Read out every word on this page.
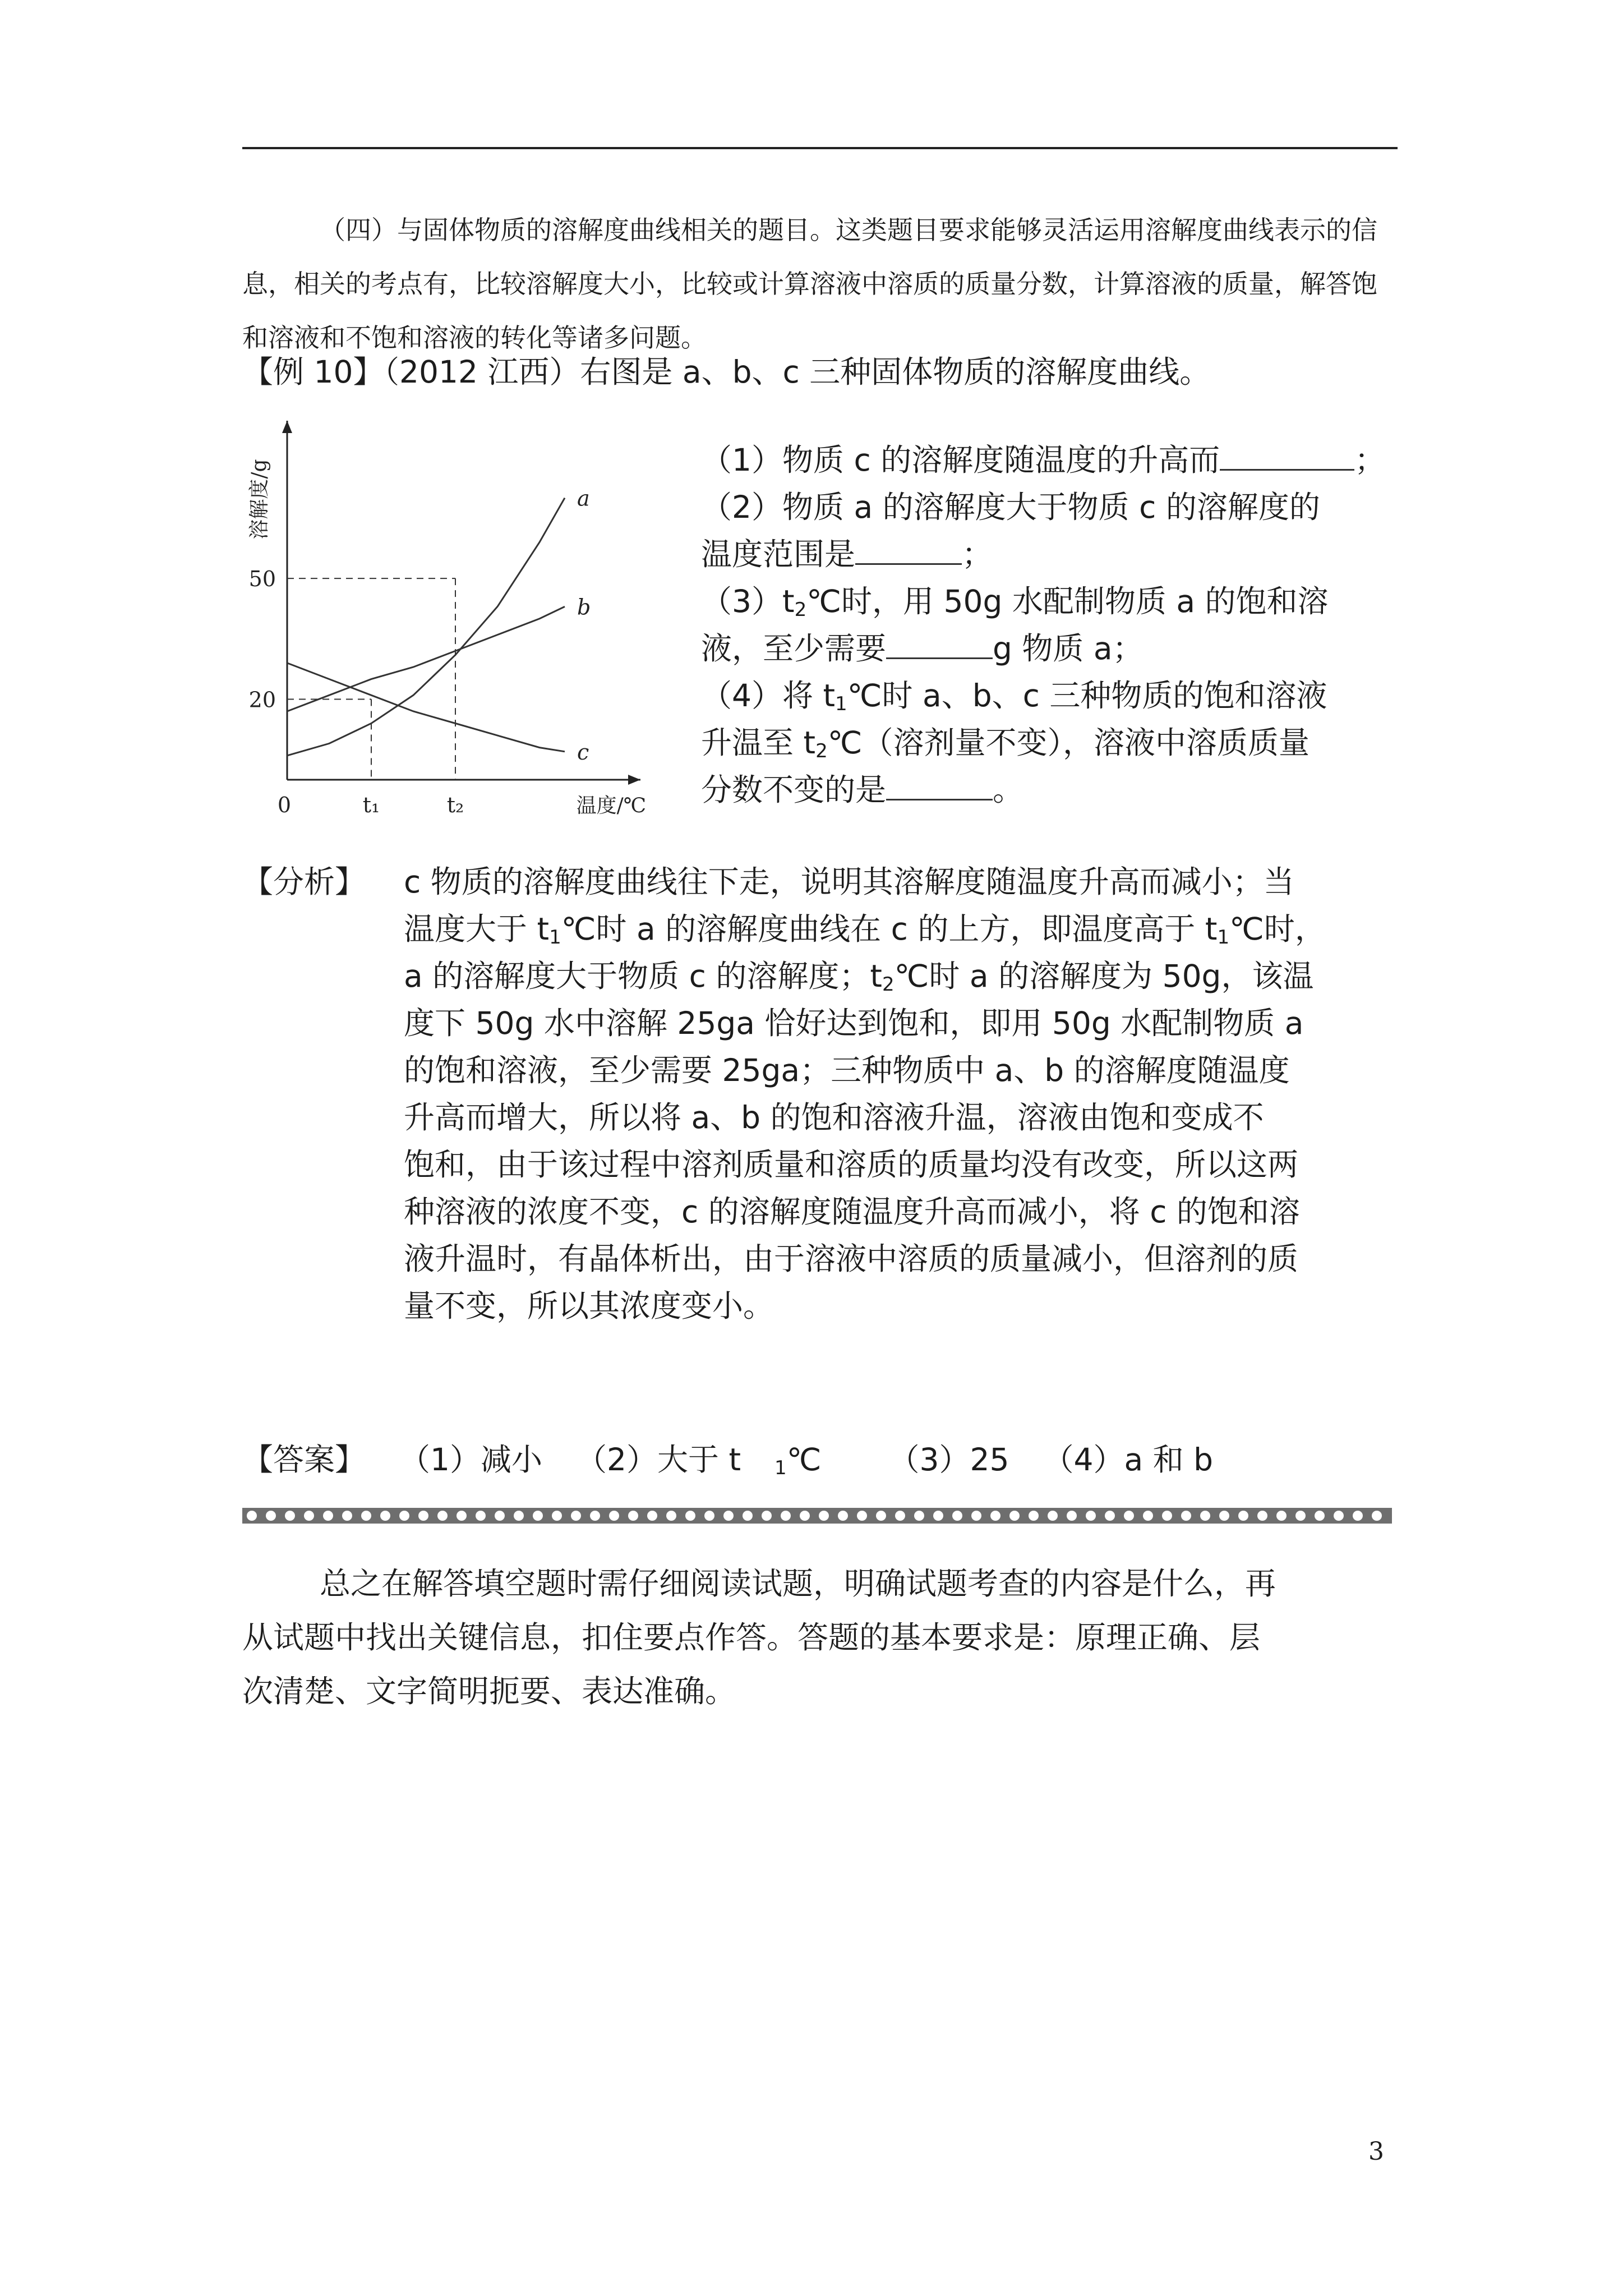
（四）与固体物质的溶解度曲线相关的题目。这类题目要求能够灵活运用溶解度曲线表示的信息，相关的考点有，比较溶解度大小，比较或计算溶液中溶质的质量分数，计算溶液的质量，解答饱和溶液和不饱和溶液的转化等诸多问题。

【例 10】（2012 江西）右图是 a、b、c 三种固体物质的溶解度曲线。
a
b
c
50
20
0	t₁	t₂	温度/℃
溶解度/g	（1）物质 c 的溶解度随温度的升高而	；

（2）物质 a 的溶解度大于物质 c 的溶解度的

温度范围是	；

$(3)t_2℃$时，用 50g 水配制物质 a 的饱和溶

液，至少需要	g 物质 a；

（4）将 $t_1℃$时 a、b、c 三种物质的饱和溶液

升温至 $t_2℃$（溶剂量不变），溶液中溶质质量

分数不变的是	。

【分析】 c 物质的溶解度曲线往下走，说明其溶解度随温度升高而减小；当
温度大于 $t_1℃$时 a 的溶解度曲线在 c 的上方，即温度高于 $t_1℃$时，
a 的溶解度大于物质 c 的溶解度；$t_2℃$时 a 的溶解度为 50g，该温
度下 50g 水中溶解 25ga 恰好达到饱和，即用 50g 水配制物质 a
的饱和溶液，至少需要 25ga；三种物质中 a、b 的溶解度随温度
升高而增大，所以将 a、b 的饱和溶液升温，溶液由饱和变成不
饱和，由于该过程中溶剂质量和溶质的质量均没有改变，所以这两
种溶液的浓度不变，c 的溶解度随温度升高而减小，将 c 的饱和溶
液升温时，有晶体析出，由于溶液中溶质的质量减小，但溶剂的质
量不变，所以其浓度变小。
【答案】 （1）减小 （2）大于 t $_1$℃ （3）25 （4）a 和 b

总之在解答填空题时需仔细阅读试题，明确试题考查的内容是什么，再

从试题中找出关键信息，扣住要点作答。答题的基本要求是：原理正确、层

次清楚、文字简明扼要、表达准确。

3
